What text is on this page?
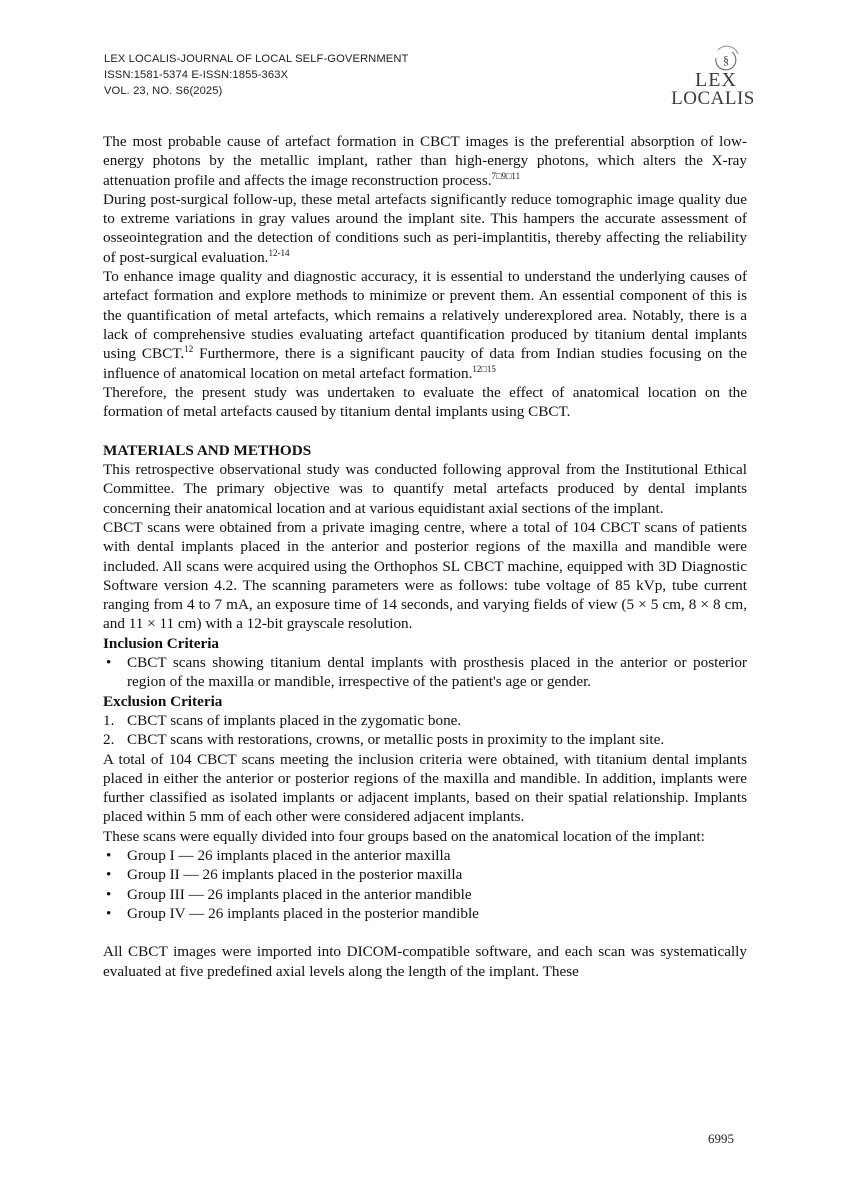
LEX LOCALIS-JOURNAL OF LOCAL SELF-GOVERNMENT
ISSN:1581-5374 E-ISSN:1855-363X
VOL. 23, NO. S6(2025)
§
LEX
LOCALIS

The most probable cause of artefact formation in CBCT images is the preferential absorption of low-energy photons by the metallic implant, rather than high-energy photons, which alters the X-ray attenuation profile and affects the image reconstruction process.$^{7□9□11}$

During post-surgical follow-up, these metal artefacts significantly reduce tomographic image quality due to extreme variations in gray values around the implant site. This hampers the accurate assessment of osseointegration and the detection of conditions such as peri-implantitis, thereby affecting the reliability of post-surgical evaluation.$^{12-14}$

To enhance image quality and diagnostic accuracy, it is essential to understand the underlying causes of artefact formation and explore methods to minimize or prevent them. An essential component of this is the quantification of metal artefacts, which remains a relatively underexplored area. Notably, there is a lack of comprehensive studies evaluating artefact quantification produced by titanium dental implants using CBCT.$^{12}$ Furthermore, there is a significant paucity of data from Indian studies focusing on the influence of anatomical location on metal artefact formation.$^{12□15}$

Therefore, the present study was undertaken to evaluate the effect of anatomical location on the formation of metal artefacts caused by titanium dental implants using CBCT.

MATERIALS AND METHODS

This retrospective observational study was conducted following approval from the Institutional Ethical Committee. The primary objective was to quantify metal artefacts produced by dental implants concerning their anatomical location and at various equidistant axial sections of the implant.

CBCT scans were obtained from a private imaging centre, where a total of 104 CBCT scans of patients with dental implants placed in the anterior and posterior regions of the maxilla and mandible were included. All scans were acquired using the Orthophos SL CBCT machine, equipped with 3D Diagnostic Software version 4.2. The scanning parameters were as follows: tube voltage of 85 kVp, tube current ranging from 4 to 7 mA, an exposure time of 14 seconds, and varying fields of view (5 × 5 cm, 8 × 8 cm, and 11 × 11 cm) with a 12-bit grayscale resolution.

Inclusion Criteria

• CBCT scans showing titanium dental implants with prosthesis placed in the anterior or posterior region of the maxilla or mandible, irrespective of the patient's age or gender.

Exclusion Criteria

1. CBCT scans of implants placed in the zygomatic bone.
2. CBCT scans with restorations, crowns, or metallic posts in proximity to the implant site.

A total of 104 CBCT scans meeting the inclusion criteria were obtained, with titanium dental implants placed in either the anterior or posterior regions of the maxilla and mandible. In addition, implants were further classified as isolated implants or adjacent implants, based on their spatial relationship. Implants placed within 5 mm of each other were considered adjacent implants.

These scans were equally divided into four groups based on the anatomical location of the implant:

• Group I — 26 implants placed in the anterior maxilla
• Group II — 26 implants placed in the posterior maxilla
• Group III — 26 implants placed in the anterior mandible
• Group IV — 26 implants placed in the posterior mandible

All CBCT images were imported into DICOM-compatible software, and each scan was systematically evaluated at five predefined axial levels along the length of the implant. These

6995
